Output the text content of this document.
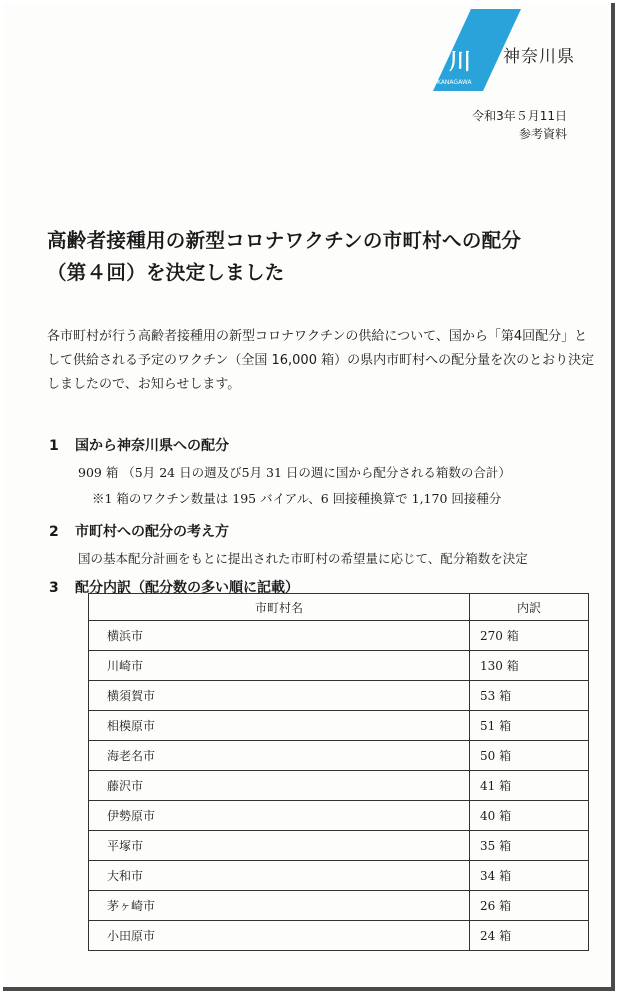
川
KANAGAWA
神奈川県
令和3年５月11日
参考資料
高齢者接種用の新型コロナワクチンの市町村への配分
（第４回）を決定しました
各市町村が行う高齢者接種用の新型コロナワクチンの供給について、国から「第4回配分」として供給される予定のワクチン（全国 16,000 箱）の県内市町村への配分量を次のとおり決定しましたので、お知らせします。
1 国から神奈川県への配分
909 箱 （5月 24 日の週及び5月 31 日の週に国から配分される箱数の合計）
※1 箱のワクチン数量は 195 バイアル、6 回接種換算で 1,170 回接種分
2 市町村への配分の考え方
国の基本配分計画をもとに提出された市町村の希望量に応じて、配分箱数を決定
3 配分内訳（配分数の多い順に記載）
市町村名	内訳
横浜市	270 箱
川崎市	130 箱
横須賀市	53 箱
相模原市	51 箱
海老名市	50 箱
藤沢市	41 箱
伊勢原市	40 箱
平塚市	35 箱
大和市	34 箱
茅ヶ崎市	26 箱
小田原市	24 箱
